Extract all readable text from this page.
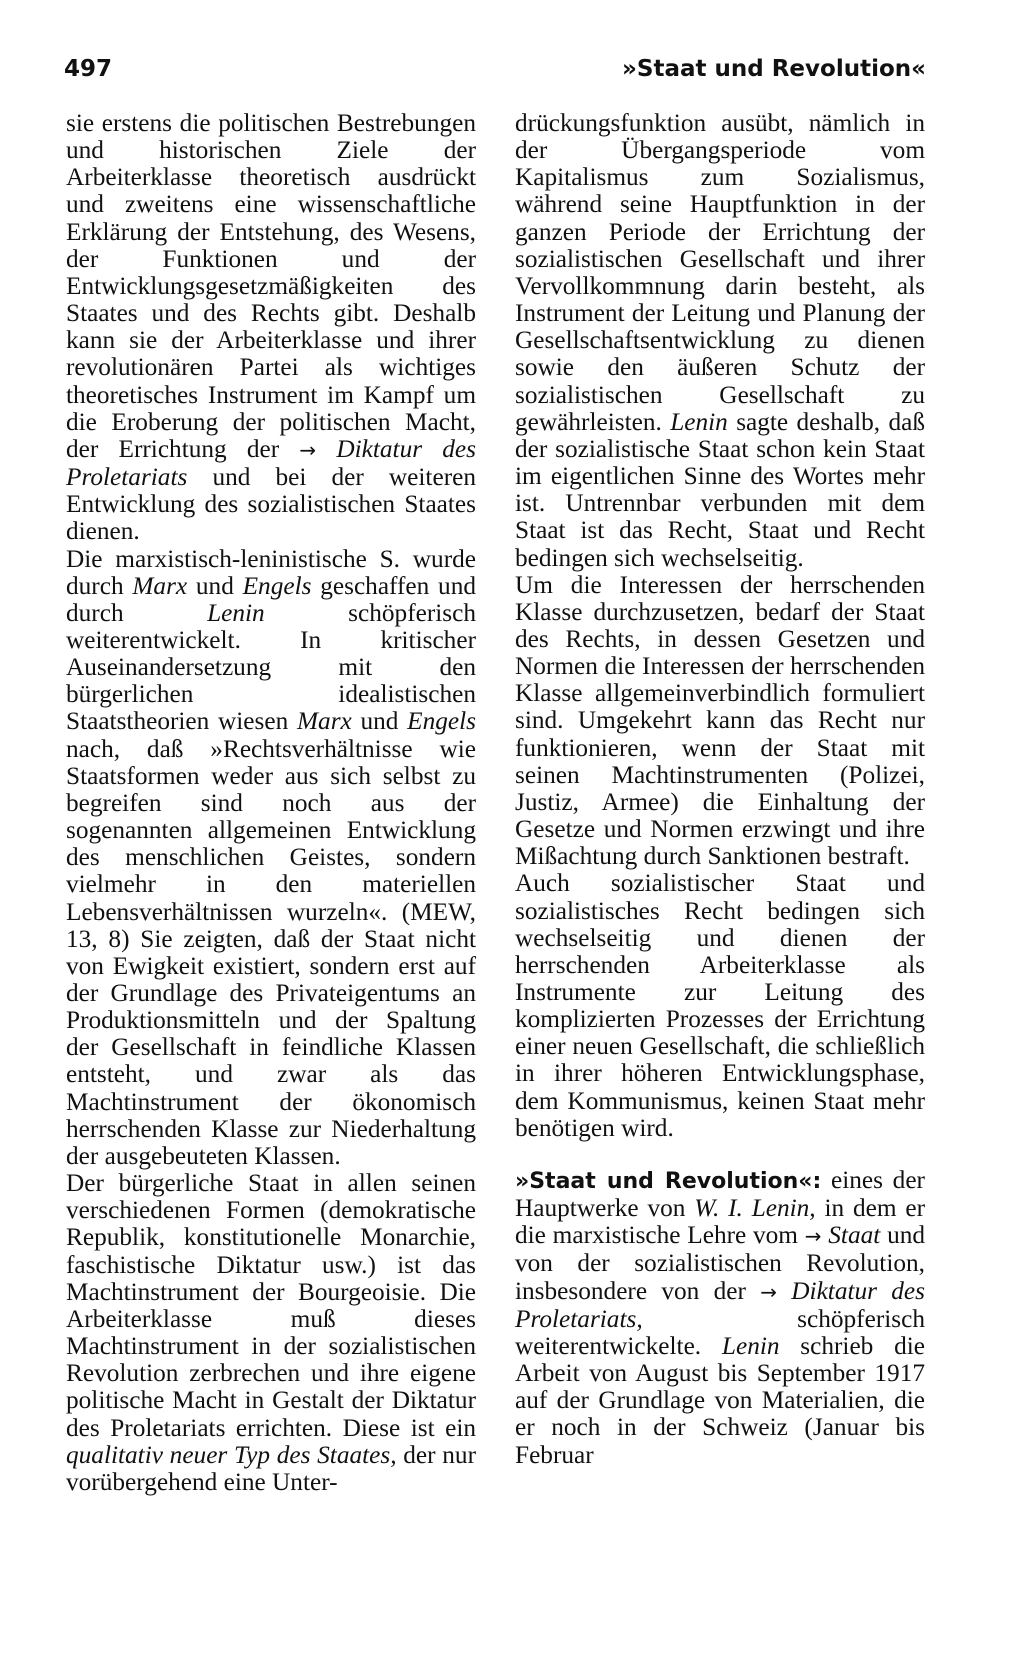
497	»Staat und Revolution«

sie erstens die politischen Bestrebungen und historischen Ziele der Arbeiterklasse theoretisch ausdrückt und zweitens eine wissenschaftliche Erklärung der Entstehung, des Wesens, der Funktionen und der Entwicklungsgesetzmäßigkeiten des Staates und des Rechts gibt. Deshalb kann sie der Arbeiterklasse und ihrer revolutionären Partei als wichtiges theoretisches Instrument im Kampf um die Eroberung der politischen Macht, der Errichtung der → Diktatur des Proletariats und bei der weiteren Entwicklung des sozialistischen Staates dienen.

Die marxistisch-leninistische S. wurde durch Marx und Engels geschaffen und durch	Lenin	schöpferisch weiterentwickelt. In kritischer Auseinandersetzung mit den bürgerlichen idealistischen Staatstheorien wiesen Marx und Engels nach, daß »Rechtsverhältnisse wie Staatsformen weder aus sich selbst zu begreifen sind noch aus der sogenannten allgemeinen Entwicklung des menschlichen Geistes, sondern vielmehr in den materiellen Lebensverhältnissen wurzeln«. (MEW, 13, 8) Sie zeigten, daß der Staat nicht von Ewigkeit existiert, sondern erst auf der Grundlage des Privateigentums an Produktionsmitteln und der Spaltung der Gesellschaft in feindliche Klassen entsteht, und zwar als das Machtinstrument der ökonomisch herrschenden Klasse zur Niederhaltung der ausgebeuteten Klassen.

Der bürgerliche Staat in allen seinen verschiedenen Formen (demokratische Republik, konstitutionelle Monarchie, faschistische Diktatur usw.) ist das Machtinstrument der Bourgeoisie. Die Arbeiterklasse muß dieses Machtinstrument in der sozialistischen Revolution zerbrechen und ihre eigene politische Macht in Gestalt der Diktatur des Proletariats errichten. Diese ist ein qualitativ neuer Typ des Staates, der nur vorübergehend eine Unter-

drückungsfunktion ausübt, nämlich in der Übergangsperiode vom Kapitalismus zum Sozialismus, während seine Hauptfunktion in der ganzen Periode der Errichtung der sozialistischen Gesellschaft und ihrer Vervollkommnung darin besteht, als Instrument der Leitung und Planung der Gesellschaftsentwicklung zu dienen sowie den äußeren Schutz der sozialistischen Gesellschaft zu gewährleisten. Lenin sagte deshalb, daß der sozialistische Staat schon kein Staat im eigentlichen Sinne des Wortes mehr ist. Untrennbar verbunden mit dem Staat ist das Recht, Staat und Recht bedingen sich wechselseitig.

Um die Interessen der herrschenden Klasse durchzusetzen, bedarf der Staat des Rechts, in dessen Gesetzen und Normen die Interessen der herrschenden Klasse allgemeinverbindlich formuliert sind. Umgekehrt kann das Recht nur funktionieren, wenn der Staat mit seinen Machtinstrumenten (Polizei, Justiz, Armee) die Einhaltung der Gesetze und Normen erzwingt und ihre Mißachtung durch Sanktionen bestraft.

Auch sozialistischer Staat und sozialistisches Recht bedingen sich wechselseitig und dienen der herrschenden Arbeiterklasse als Instrumente zur Leitung des komplizierten Prozesses der Errichtung einer neuen Gesellschaft, die schließlich in ihrer höheren Entwicklungsphase, dem Kommunismus, keinen Staat mehr benötigen wird.

»Staat und Revolution«: eines der Hauptwerke von W. I. Lenin, in dem er die marxistische Lehre vom → Staat und von der sozialistischen Revolution, insbesondere von der → Diktatur des Proletariats,	schöpferisch weiterentwickelte. Lenin schrieb die Arbeit von August bis September 1917 auf der Grundlage von Materialien, die er noch in der Schweiz (Januar bis Februar
